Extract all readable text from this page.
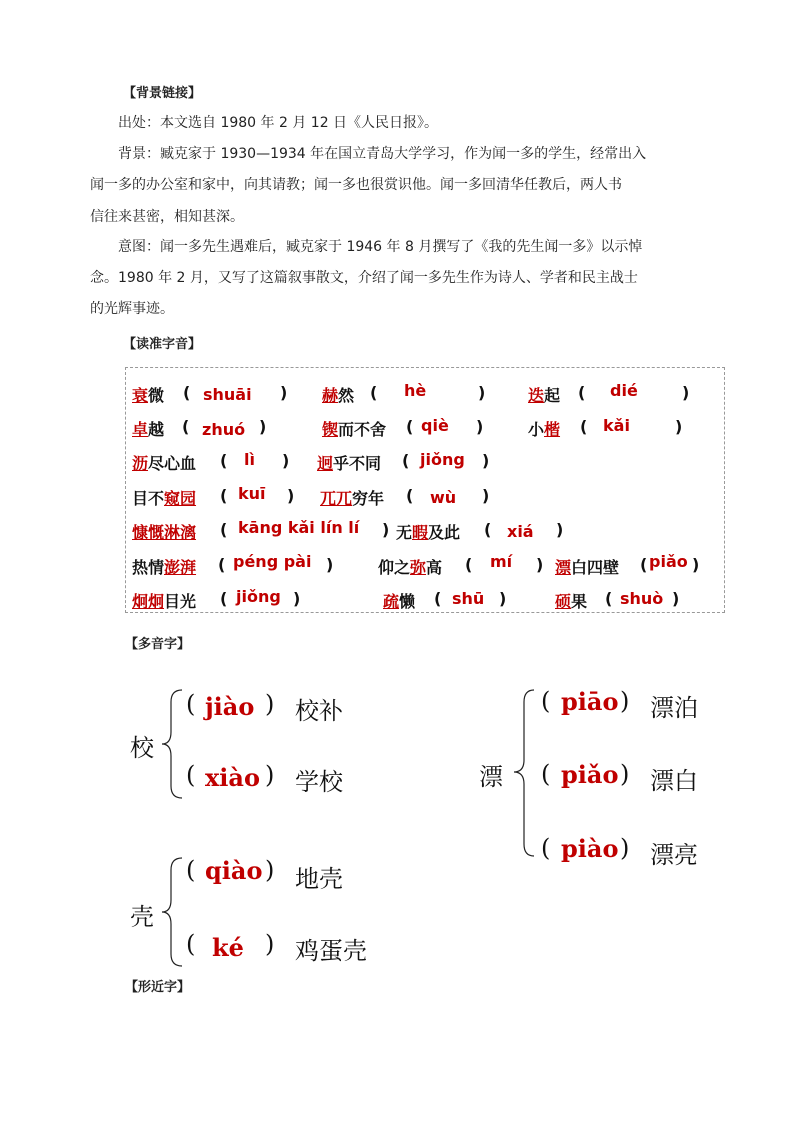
【背景链接】
出处：本文选自 1980 年 2 月 12 日《人民日报》。
背景：臧克家于 1930—1934 年在国立青岛大学学习，作为闻一多的学生，经常出入
闻一多的办公室和家中，向其请教；闻一多也很赏识他。闻一多回清华任教后，两人书
信往来甚密，相知甚深。
意图：闻一多先生遇难后，臧克家于 1946 年 8 月撰写了《我的先生闻一多》以示悼
念。1980 年 2 月，又写了这篇叙事散文，介绍了闻一多先生作为诗人、学者和民主战士
的光辉事迹。
【读准字音】
衰微 ( shuāi ) 赫然 ( hè	)	迭起 ( dié	)
卓越 ( zhuó )	锲而不舍 ( qiè )	小楷 ( kǎi	)
沥尽心血 ( lì ) 迥乎不同 ( jiǒng )
目不窥园 ( kuī ) 兀兀穷年 ( wù )
慷慨淋漓 ( kāng kǎi lín lí ) 无暇及此 ( xiá )
热情澎湃 ( péng pài )	仰之弥高 ( mí ) 漂白四壁 ( piǎo )
炯炯目光 ( jiǒng )	疏懒 ( shū )	硕果 ( shuò )
【多音字】
校
( jiào ) 校补
( xiào ) 学校	漂
( piāo ) 漂泊
( piǎo ) 漂白
( piào ) 漂亮
壳
( qiào ) 地壳
( ké ) 鸡蛋壳
【形近字】
